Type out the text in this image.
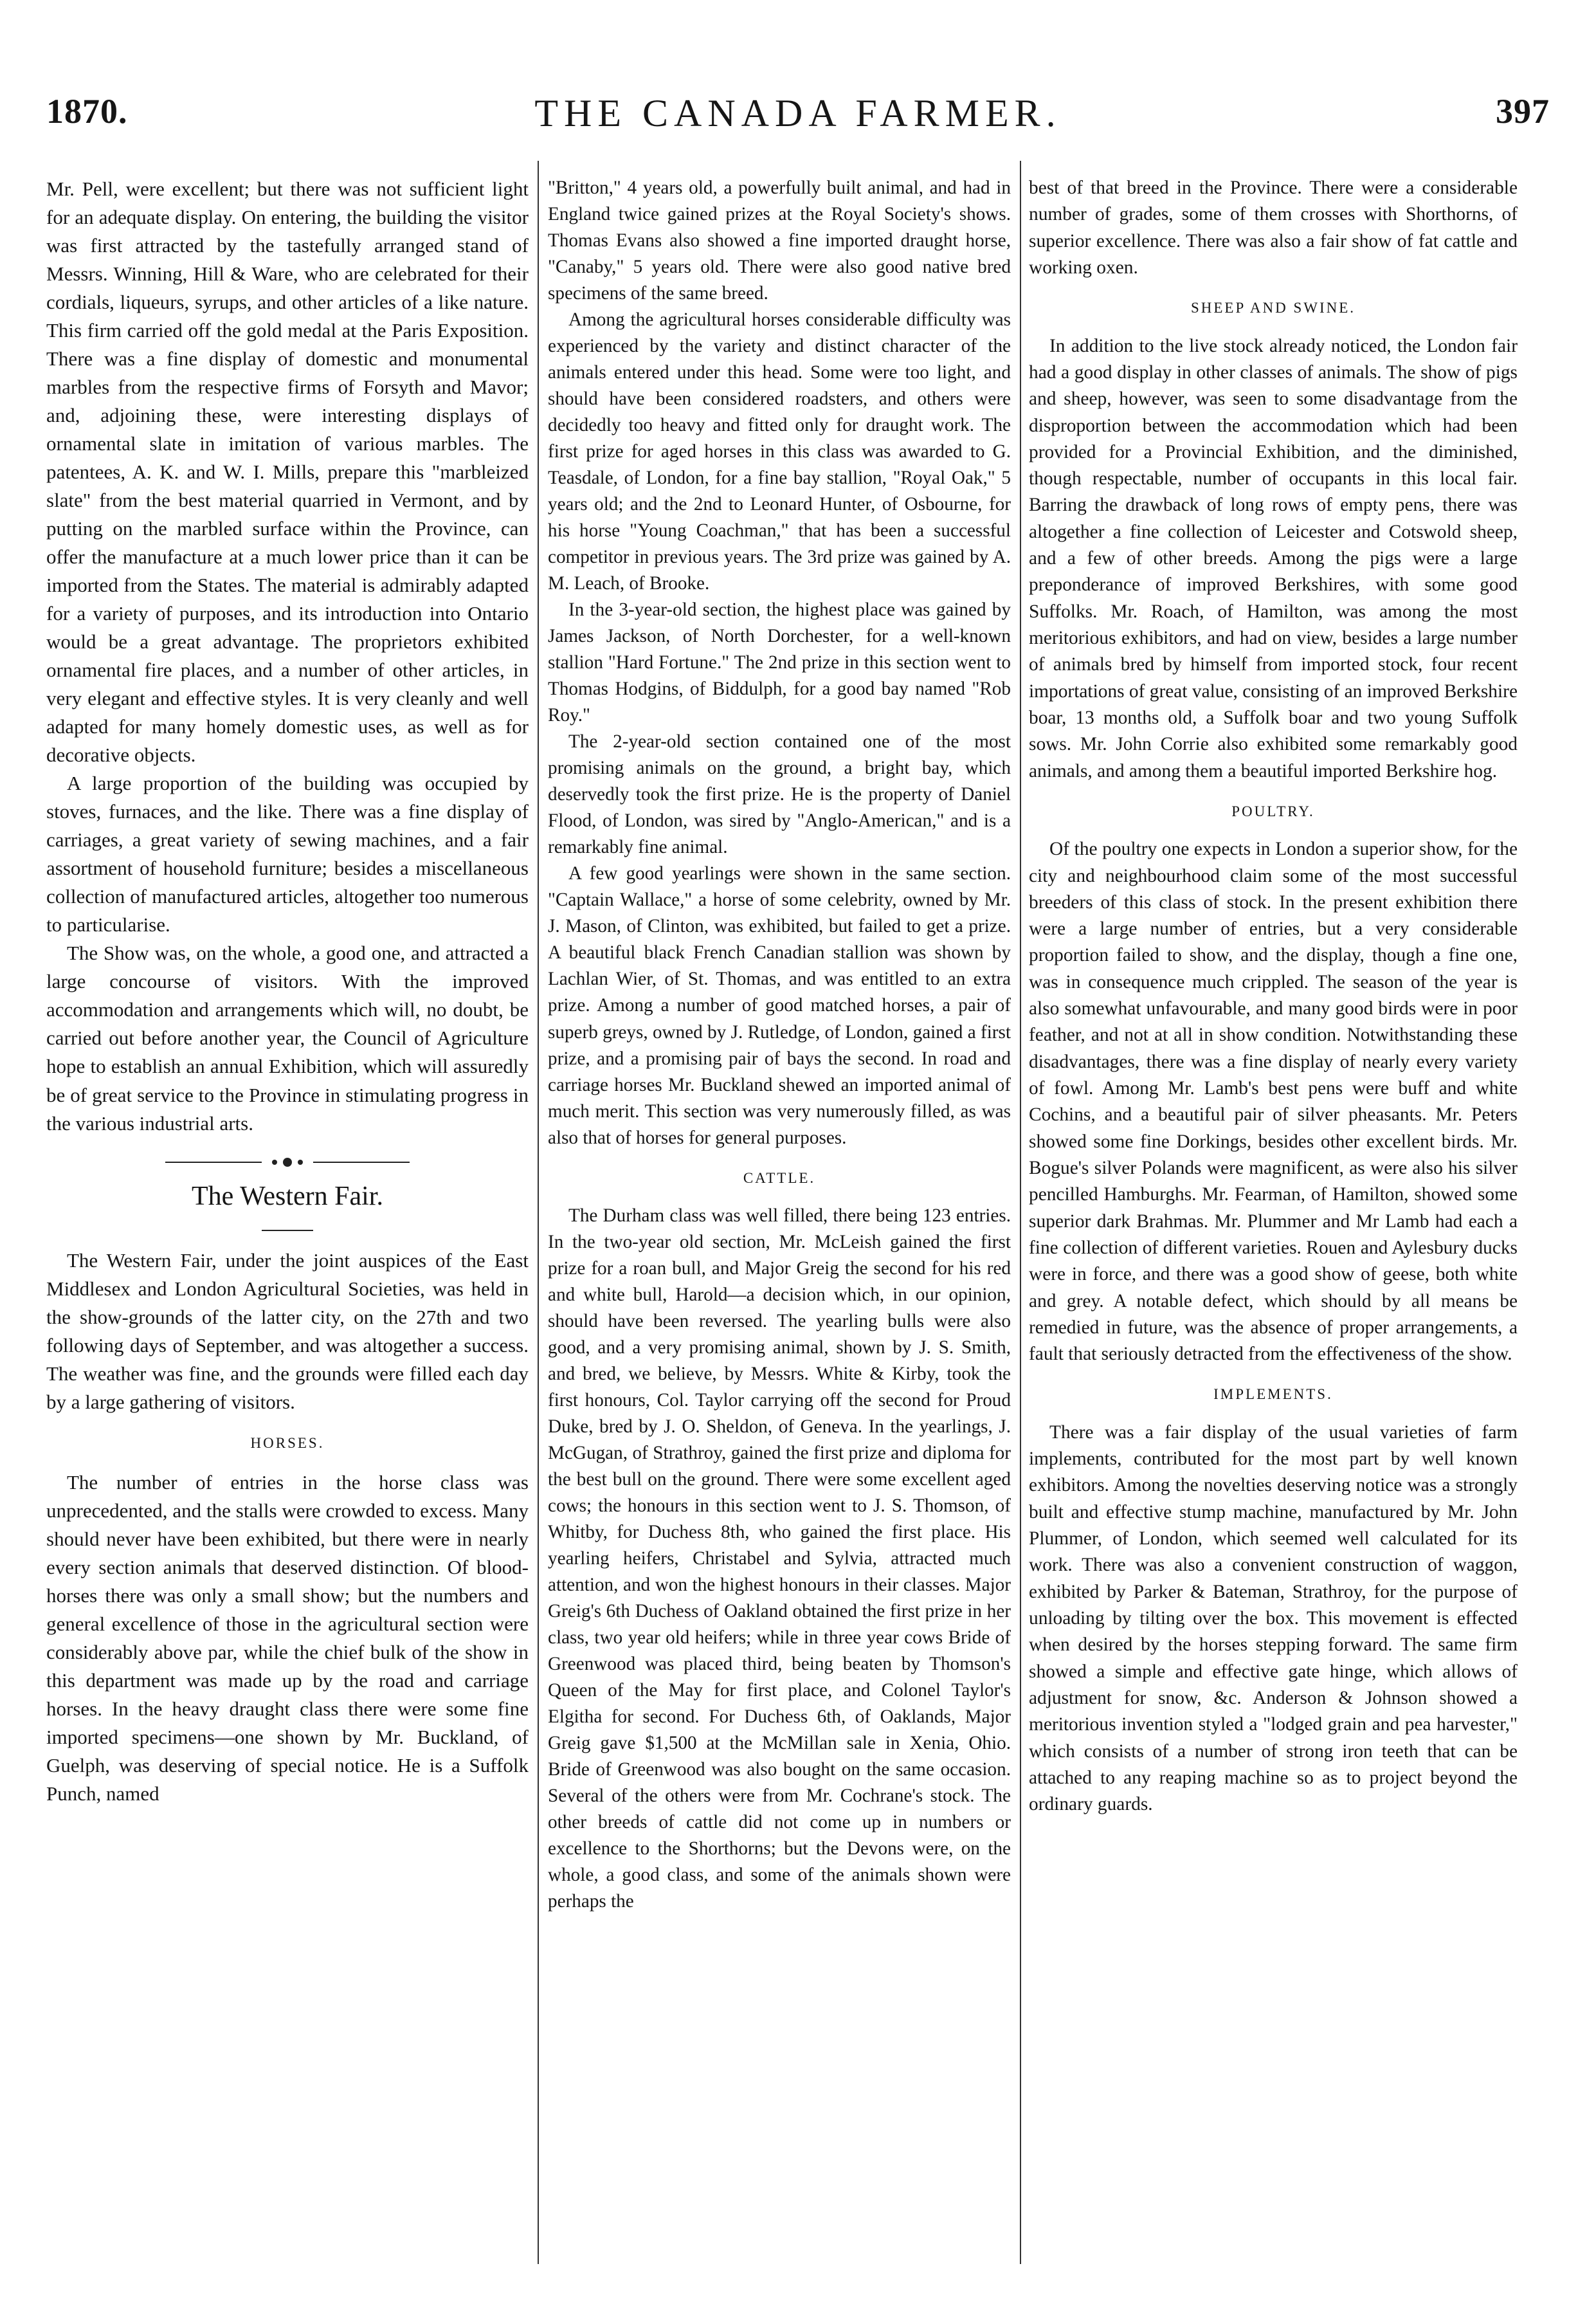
1870.	THE CANADA FARMER.	397

Mr. Pell, were excellent; but there was not sufficient light for an adequate display. On entering, the building the visitor was first attracted by the tastefully arranged stand of Messrs. Winning, Hill & Ware, who are celebrated for their cordials, liqueurs, syrups, and other articles of a like nature. This firm carried off the gold medal at the Paris Exposition. There was a fine display of domestic and monumental marbles from the respective firms of Forsyth and Mavor; and, adjoining these, were interesting displays of ornamental slate in imitation of various marbles. The patentees, A. K. and W. I. Mills, prepare this "marbleized slate" from the best material quarried in Vermont, and by putting on the marbled surface within the Province, can offer the manufacture at a much lower price than it can be imported from the States. The material is admirably adapted for a variety of purposes, and its introduction into Ontario would be a great advantage. The proprietors exhibited ornamental fire places, and a number of other articles, in very elegant and effective styles. It is very cleanly and well adapted for many homely domestic uses, as well as for decorative objects.

A large proportion of the building was occupied by stoves, furnaces, and the like. There was a fine display of carriages, a great variety of sewing machines, and a fair assortment of household furniture; besides a miscellaneous collection of manufactured articles, altogether too numerous to particularise.

The Show was, on the whole, a good one, and attracted a large concourse of visitors. With the improved accommodation and arrangements which will, no doubt, be carried out before another year, the Council of Agriculture hope to establish an annual Exhibition, which will assuredly be of great service to the Province in stimulating progress in the various industrial arts.

The Western Fair.

The Western Fair, under the joint auspices of the East Middlesex and London Agricultural Societies, was held in the show-grounds of the latter city, on the 27th and two following days of September, and was altogether a success. The weather was fine, and the grounds were filled each day by a large gathering of visitors.

HORSES.

The number of entries in the horse class was unprecedented, and the stalls were crowded to excess. Many should never have been exhibited, but there were in nearly every section animals that deserved distinction. Of blood-horses there was only a small show; but the numbers and general excellence of those in the agricultural section were considerably above par, while the chief bulk of the show in this department was made up by the road and carriage horses. In the heavy draught class there were some fine imported specimens—one shown by Mr. Buckland, of Guelph, was deserving of special notice. He is a Suffolk Punch, named

"Britton," 4 years old, a powerfully built animal, and had in England twice gained prizes at the Royal Society's shows. Thomas Evans also showed a fine imported draught horse, "Canaby," 5 years old. There were also good native bred specimens of the same breed.

Among the agricultural horses considerable difficulty was experienced by the variety and distinct character of the animals entered under this head. Some were too light, and should have been considered roadsters, and others were decidedly too heavy and fitted only for draught work. The first prize for aged horses in this class was awarded to G. Teasdale, of London, for a fine bay stallion, "Royal Oak," 5 years old; and the 2nd to Leonard Hunter, of Osbourne, for his horse "Young Coachman," that has been a successful competitor in previous years. The 3rd prize was gained by A. M. Leach, of Brooke.

In the 3-year-old section, the highest place was gained by James Jackson, of North Dorchester, for a well-known stallion "Hard Fortune." The 2nd prize in this section went to Thomas Hodgins, of Biddulph, for a good bay named "Rob Roy."

The 2-year-old section contained one of the most promising animals on the ground, a bright bay, which deservedly took the first prize. He is the property of Daniel Flood, of London, was sired by "Anglo-American," and is a remarkably fine animal.

A few good yearlings were shown in the same section. "Captain Wallace," a horse of some celebrity, owned by Mr. J. Mason, of Clinton, was exhibited, but failed to get a prize. A beautiful black French Canadian stallion was shown by Lachlan Wier, of St. Thomas, and was entitled to an extra prize. Among a number of good matched horses, a pair of superb greys, owned by J. Rutledge, of London, gained a first prize, and a promising pair of bays the second. In road and carriage horses Mr. Buckland shewed an imported animal of much merit. This section was very numerously filled, as was also that of horses for general purposes.

CATTLE.

The Durham class was well filled, there being 123 entries. In the two-year old section, Mr. McLeish gained the first prize for a roan bull, and Major Greig the second for his red and white bull, Harold—a decision which, in our opinion, should have been reversed. The yearling bulls were also good, and a very promising animal, shown by J. S. Smith, and bred, we believe, by Messrs. White & Kirby, took the first honours, Col. Taylor carrying off the second for Proud Duke, bred by J. O. Sheldon, of Geneva. In the yearlings, J. McGugan, of Strathroy, gained the first prize and diploma for the best bull on the ground. There were some excellent aged cows; the honours in this section went to J. S. Thomson, of Whitby, for Duchess 8th, who gained the first place. His yearling heifers, Christabel and Sylvia, attracted much attention, and won the highest honours in their classes. Major Greig's 6th Duchess of Oakland obtained the first prize in her class, two year old heifers; while in three year cows Bride of Greenwood was placed third, being beaten by Thomson's Queen of the May for first place, and Colonel Taylor's Elgitha for second. For Duchess 6th, of Oaklands, Major Greig gave $1,500 at the McMillan sale in Xenia, Ohio. Bride of Greenwood was also bought on the same occasion. Several of the others were from Mr. Cochrane's stock. The other breeds of cattle did not come up in numbers or excellence to the Shorthorns; but the Devons were, on the whole, a good class, and some of the animals shown were perhaps the

best of that breed in the Province. There were a considerable number of grades, some of them crosses with Shorthorns, of superior excellence. There was also a fair show of fat cattle and working oxen.

SHEEP AND SWINE.

In addition to the live stock already noticed, the London fair had a good display in other classes of animals. The show of pigs and sheep, however, was seen to some disadvantage from the disproportion between the accommodation which had been provided for a Provincial Exhibition, and the diminished, though respectable, number of occupants in this local fair. Barring the drawback of long rows of empty pens, there was altogether a fine collection of Leicester and Cotswold sheep, and a few of other breeds. Among the pigs were a large preponderance of improved Berkshires, with some good Suffolks. Mr. Roach, of Hamilton, was among the most meritorious exhibitors, and had on view, besides a large number of animals bred by himself from imported stock, four recent importations of great value, consisting of an improved Berkshire boar, 13 months old, a Suffolk boar and two young Suffolk sows. Mr. John Corrie also exhibited some remarkably good animals, and among them a beautiful imported Berkshire hog.

POULTRY.

Of the poultry one expects in London a superior show, for the city and neighbourhood claim some of the most successful breeders of this class of stock. In the present exhibition there were a large number of entries, but a very considerable proportion failed to show, and the display, though a fine one, was in consequence much crippled. The season of the year is also somewhat unfavourable, and many good birds were in poor feather, and not at all in show condition. Notwithstanding these disadvantages, there was a fine display of nearly every variety of fowl. Among Mr. Lamb's best pens were buff and white Cochins, and a beautiful pair of silver pheasants. Mr. Peters showed some fine Dorkings, besides other excellent birds. Mr. Bogue's silver Polands were magnificent, as were also his silver pencilled Hamburghs. Mr. Fearman, of Hamilton, showed some superior dark Brahmas. Mr. Plummer and Mr Lamb had each a fine collection of different varieties. Rouen and Aylesbury ducks were in force, and there was a good show of geese, both white and grey. A notable defect, which should by all means be remedied in future, was the absence of proper arrangements, a fault that seriously detracted from the effectiveness of the show.

IMPLEMENTS.

There was a fair display of the usual varieties of farm implements, contributed for the most part by well known exhibitors. Among the novelties deserving notice was a strongly built and effective stump machine, manufactured by Mr. John Plummer, of London, which seemed well calculated for its work. There was also a convenient construction of waggon, exhibited by Parker & Bateman, Strathroy, for the purpose of unloading by tilting over the box. This movement is effected when desired by the horses stepping forward. The same firm showed a simple and effective gate hinge, which allows of adjustment for snow, &c. Anderson & Johnson showed a meritorious invention styled a "lodged grain and pea harvester," which consists of a number of strong iron teeth that can be attached to any reaping machine so as to project beyond the ordinary guards.
